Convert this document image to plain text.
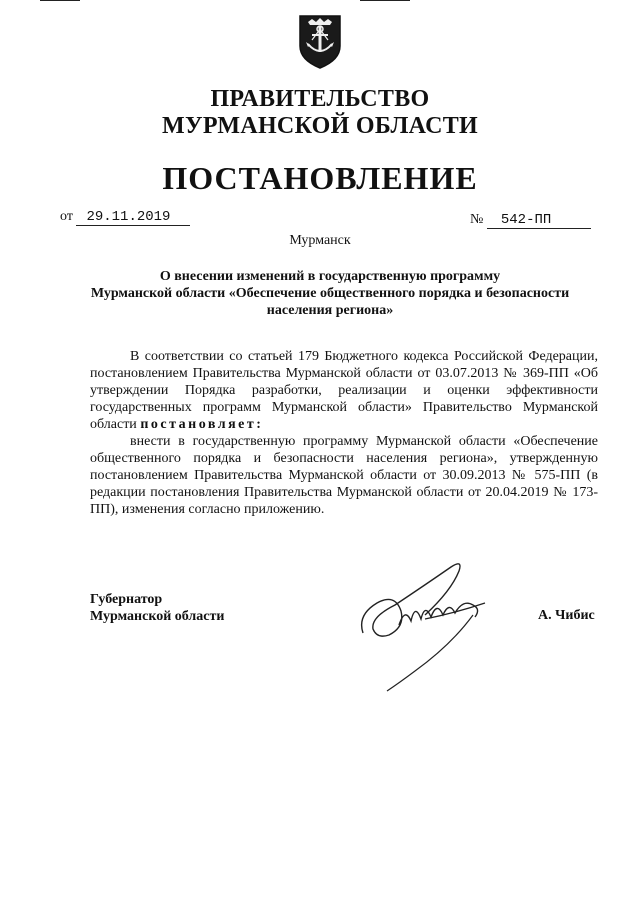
ПРАВИТЕЛЬСТВО
МУРМАНСКОЙ ОБЛАСТИ
ПОСТАНОВЛЕНИЕ
от 29.11.2019	№ 542-ПП
Мурманск
О внесении изменений в государственную программу
Мурманской области «Обеспечение общественного порядка и безопасности
населения региона»

В соответствии со статьей 179 Бюджетного кодекса Российской Федерации, постановлением Правительства Мурманской области от 03.07.2013 № 369-ПП «Об утверждении Порядка разработки, реализации и оценки эффективности государственных программ Мурманской области» Правительство Мурманской области постановляет:

внести в государственную программу Мурманской области «Обеспечение общественного порядка и безопасности населения региона», утвержденную постановлением Правительства Мурманской области от 30.09.2013 № 575-ПП (в редакции постановления Правительства Мурманской области от 20.04.2019 № 173-ПП), изменения согласно приложению.

Губернатор
Мурманской области	А. Чибис
